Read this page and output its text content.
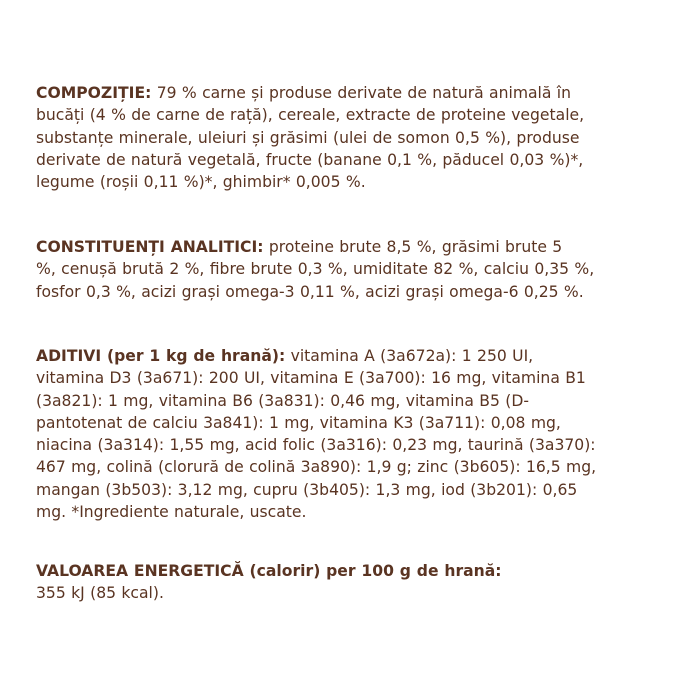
COMPOZIȚIE: 79 % carne și produse derivate de natură animală în
bucăți (4 % de carne de rață), cereale, extracte de proteine vegetale,
substanțe minerale, uleiuri și grăsimi (ulei de somon 0,5 %), produse
derivate de natură vegetală, fructe (banane 0,1 %, păducel 0,03 %)*,
legume (roșii 0,11 %)*, ghimbir* 0,005 %.
CONSTITUENȚI ANALITICI: proteine brute 8,5 %, grăsimi brute 5
%, cenușă brută 2 %, fibre brute 0,3 %, umiditate 82 %, calciu 0,35 %,
fosfor 0,3 %, acizi grași omega-3 0,11 %, acizi grași omega-6 0,25 %.
ADITIVI (per 1 kg de hrană): vitamina A (3a672a): 1 250 UI,
vitamina D3 (3a671): 200 UI, vitamina E (3a700): 16 mg, vitamina B1
(3a821): 1 mg, vitamina B6 (3a831): 0,46 mg, vitamina B5 (D-
pantotenat de calciu 3a841): 1 mg, vitamina K3 (3a711): 0,08 mg,
niacina (3a314): 1,55 mg, acid folic (3a316): 0,23 mg, taurină (3a370):
467 mg, colină (clorură de colină 3a890): 1,9 g; zinc (3b605): 16,5 mg,
mangan (3b503): 3,12 mg, cupru (3b405): 1,3 mg, iod (3b201): 0,65
mg. *Ingrediente naturale, uscate.
VALOAREA ENERGETICĂ (calorir) per 100 g de hrană:
355 kJ (85 kcal).
